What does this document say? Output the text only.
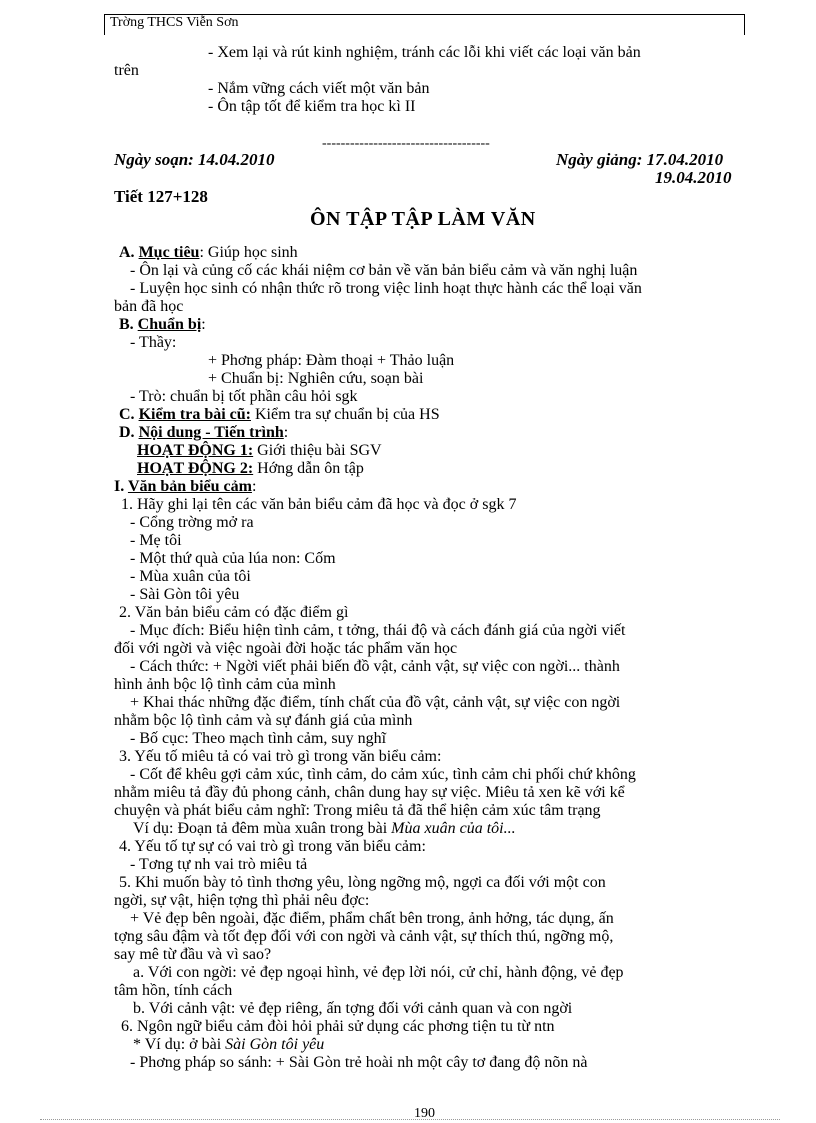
Trờng THCS Viễn Sơn
- Xem lại và rút kinh nghiệm, tránh các lỗi khi viết các loại văn bản
trên
- Nắm vững cách viết một văn bản
- Ôn tập tốt để kiểm tra học kì II
------------------------------------
Ngày soạn: 14.04.2010	Ngày giảng: 17.04.2010
19.04.2010
Tiết 127+128
ÔN TẬP TẬP LÀM VĂN
A. Mục tiêu: Giúp học sinh
- Ôn lại và củng cố các khái niệm cơ bản về văn bản biểu cảm và văn nghị luận
- Luyện học sinh có nhận thức rõ trong việc linh hoạt thực hành các thể loại văn
bản đã học
B. Chuẩn bị:
- Thầy:
+ Phơng pháp: Đàm thoại + Thảo luận
+ Chuẩn bị: Nghiên cứu, soạn bài
- Trò: chuẩn bị tốt phần câu hỏi sgk
C. Kiểm tra bài cũ: Kiểm tra sự chuẩn bị của HS
D. Nội dung - Tiến trình:
HOẠT ĐỘNG 1: Giới thiệu bài SGV
HOẠT ĐỘNG 2: Hớng dẫn ôn tập
I. Văn bản biểu cảm:
1. Hãy ghi lại tên các văn bản biểu cảm đã học và đọc ở sgk 7
- Cổng trờng mở ra
- Mẹ tôi
- Một thứ quà của lúa non: Cốm
- Mùa xuân của tôi
- Sài Gòn tôi yêu
2. Văn bản biểu cảm có đặc điểm gì
- Mục đích: Biểu hiện tình cảm, t tởng, thái độ và cách đánh giá của ngời viết
đối với ngời và việc ngoài đời hoặc tác phẩm văn học
- Cách thức: + Ngời viết phải biến đồ vật, cảnh vật, sự việc con ngời... thành
hình ảnh bộc lộ tình cảm của mình
+ Khai thác những đặc điểm, tính chất của đồ vật, cảnh vật, sự việc con ngời
nhằm bộc lộ tình cảm và sự đánh giá của mình
- Bố cục: Theo mạch tình cảm, suy nghĩ
3. Yếu tố miêu tả có vai trò gì trong văn biểu cảm:
- Cốt để khêu gợi cảm xúc, tình cảm, do cảm xúc, tình cảm chi phối chứ không
nhằm miêu tả đầy đủ phong cảnh, chân dung hay sự việc. Miêu tả xen kẽ với kể
chuyện và phát biểu cảm nghĩ: Trong miêu tả đã thể hiện cảm xúc tâm trạng
Ví dụ: Đoạn tả đêm mùa xuân trong bài Mùa xuân của tôi...
4. Yếu tố tự sự có vai trò gì trong văn biểu cảm:
- Tơng tự nh vai trò miêu tả
5. Khi muốn bày tỏ tình thơng yêu, lòng ngỡng mộ, ngợi ca đối với một con
ngời, sự vật, hiện tợng thì phải nêu đợc:
+ Vẻ đẹp bên ngoài, đặc điểm, phẩm chất bên trong, ảnh hởng, tác dụng, ấn
tợng sâu đậm và tốt đẹp đối với con ngời và cảnh vật, sự thích thú, ngỡng mộ,
say mê từ đầu và vì sao?
a. Với con ngời: vẻ đẹp ngoại hình, vẻ đẹp lời nói, cử chỉ, hành động, vẻ đẹp
tâm hồn, tính cách
b. Với cảnh vật: vẻ đẹp riêng, ấn tợng đối với cảnh quan và con ngời
6. Ngôn ngữ biểu cảm đòi hỏi phải sử dụng các phơng tiện tu từ ntn
* Ví dụ: ở bài Sài Gòn tôi yêu
- Phơng pháp so sánh: + Sài Gòn trẻ hoài nh một cây tơ đang độ nõn nà
190
